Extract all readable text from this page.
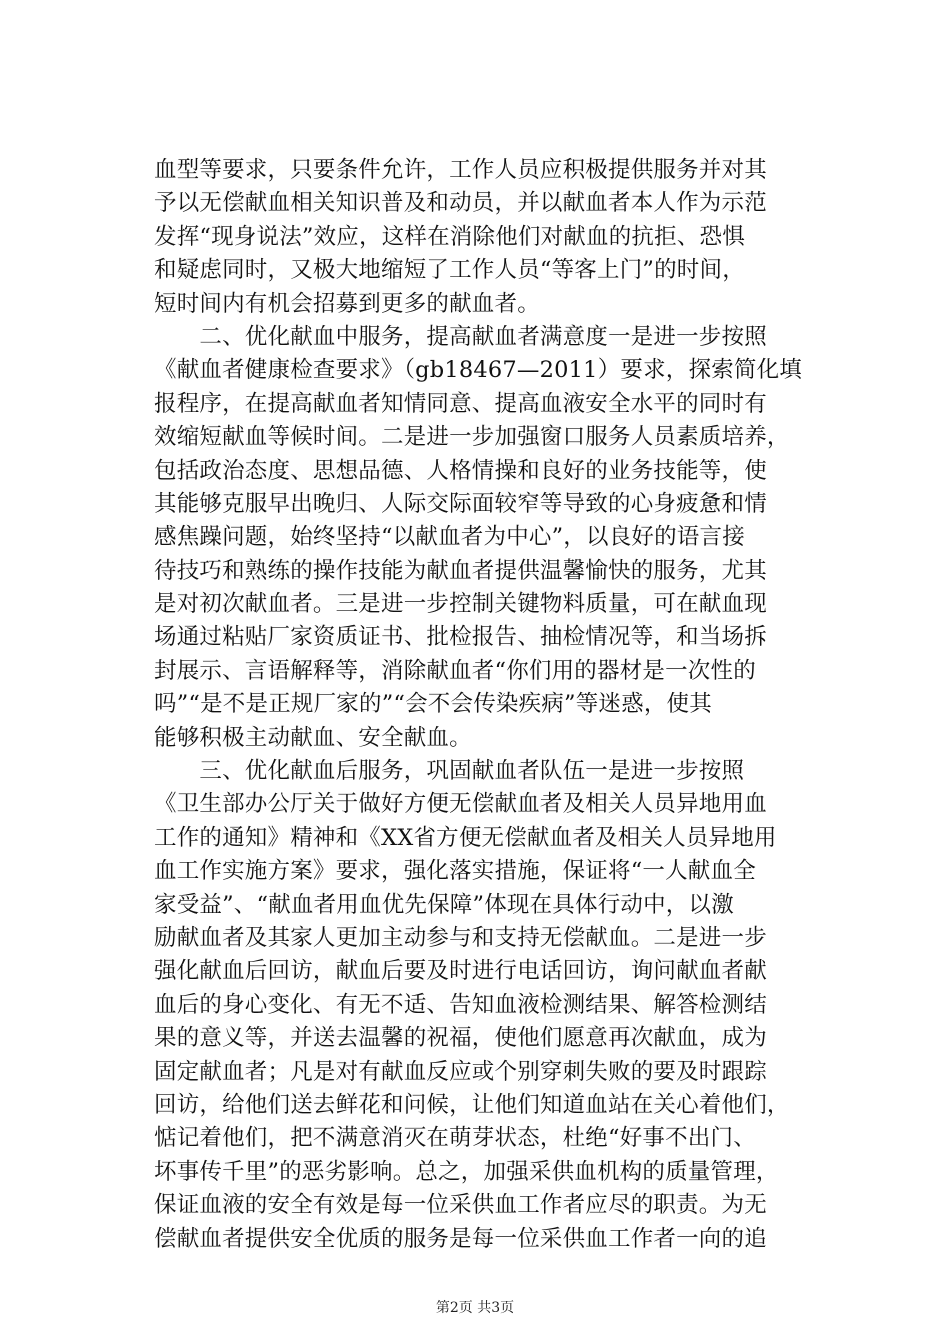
血型等要求，只要条件允许，工作人员应积极提供服务并对其
予以无偿献血相关知识普及和动员，并以献血者本人作为示范
发挥“现身说法”效应，这样在消除他们对献血的抗拒、恐惧
和疑虑同时，又极大地缩短了工作人员“等客上门”的时间，
短时间内有机会招募到更多的献血者。
　　二、优化献血中服务，提高献血者满意度一是进一步按照
《献血者健康检查要求》（gb18467—2011）要求，探索简化填
报程序，在提高献血者知情同意、提高血液安全水平的同时有
效缩短献血等候时间。二是进一步加强窗口服务人员素质培养，
包括政治态度、思想品德、人格情操和良好的业务技能等，使
其能够克服早出晚归、人际交际面较窄等导致的心身疲惫和情
感焦躁问题，始终坚持“以献血者为中心”，以良好的语言接
待技巧和熟练的操作技能为献血者提供温馨愉快的服务，尤其
是对初次献血者。三是进一步控制关键物料质量，可在献血现
场通过粘贴厂家资质证书、批检报告、抽检情况等，和当场拆
封展示、言语解释等，消除献血者“你们用的器材是一次性的
吗”“是不是正规厂家的”“会不会传染疾病”等迷惑，使其
能够积极主动献血、安全献血。
　　三、优化献血后服务，巩固献血者队伍一是进一步按照
《卫生部办公厅关于做好方便无偿献血者及相关人员异地用血
工作的通知》精神和《XX省方便无偿献血者及相关人员异地用
血工作实施方案》要求，强化落实措施，保证将“一人献血全
家受益”、“献血者用血优先保障”体现在具体行动中，以激
励献血者及其家人更加主动参与和支持无偿献血。二是进一步
强化献血后回访，献血后要及时进行电话回访，询问献血者献
血后的身心变化、有无不适、告知血液检测结果、解答检测结
果的意义等，并送去温馨的祝福，使他们愿意再次献血，成为
固定献血者；凡是对有献血反应或个别穿刺失败的要及时跟踪
回访，给他们送去鲜花和问候，让他们知道血站在关心着他们，
惦记着他们，把不满意消灭在萌芽状态，杜绝“好事不出门、
坏事传千里”的恶劣影响。总之，加强采供血机构的质量管理，
保证血液的安全有效是每一位采供血工作者应尽的职责。为无
偿献血者提供安全优质的服务是每一位采供血工作者一向的追
第2页 共3页
